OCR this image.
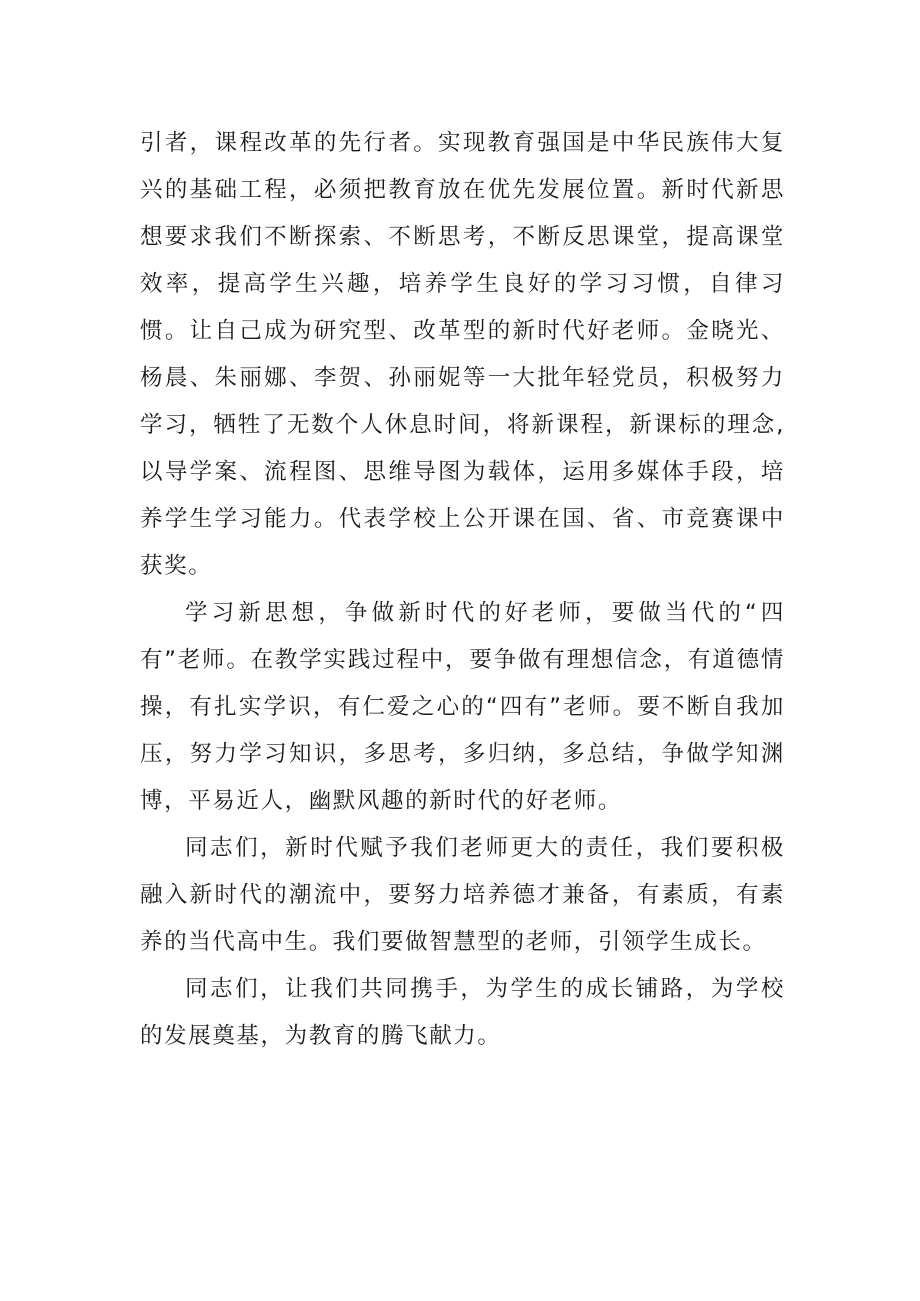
引者，课程改革的先行者。实现教育强国是中华民族伟大复兴的基础工程，必须把教育放在优先发展位置。新时代新思想要求我们不断探索、不断思考，不断反思课堂，提高课堂效率，提高学生兴趣，培养学生良好的学习习惯，自律习惯。让自己成为研究型、改革型的新时代好老师。金晓光、杨晨、朱丽娜、李贺、孙丽妮等一大批年轻党员，积极努力学习，牺牲了无数个人休息时间，将新课程，新课标的理念,以导学案、流程图、思维导图为载体，运用多媒体手段，培养学生学习能力。代表学校上公开课在国、省、市竞赛课中获奖。

学习新思想，争做新时代的好老师，要做当代的“四有”老师。在教学实践过程中，要争做有理想信念，有道德情操，有扎实学识，有仁爱之心的“四有”老师。要不断自我加压，努力学习知识，多思考，多归纳，多总结，争做学知渊博，平易近人，幽默风趣的新时代的好老师。

同志们，新时代赋予我们老师更大的责任，我们要积极融入新时代的潮流中，要努力培养德才兼备，有素质，有素养的当代高中生。我们要做智慧型的老师，引领学生成长。

同志们，让我们共同携手，为学生的成长铺路，为学校的发展奠基，为教育的腾飞献力。
